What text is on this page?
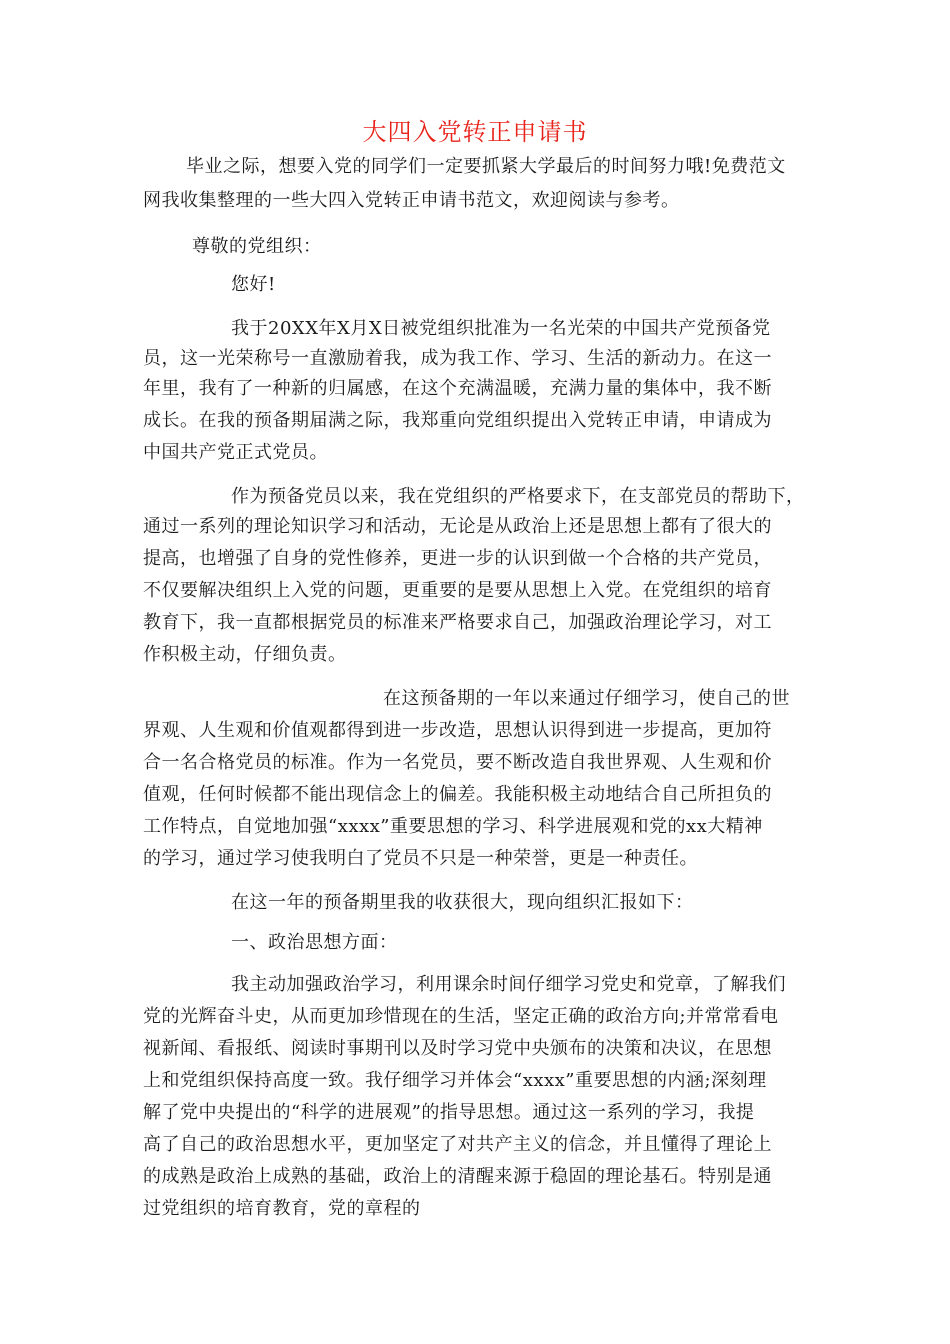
大四入党转正申请书
毕业之际，想要入党的同学们一定要抓紧大学最后的时间努力哦!免费范文
网我收集整理的一些大四入党转正申请书范文，欢迎阅读与参考。
尊敬的党组织：
您好!
我于20XX年X月X日被党组织批准为一名光荣的中国共产党预备党
员，这一光荣称号一直激励着我，成为我工作、学习、生活的新动力。在这一
年里，我有了一种新的归属感，在这个充满温暖，充满力量的集体中，我不断
成长。在我的预备期届满之际，我郑重向党组织提出入党转正申请，申请成为
中国共产党正式党员。
作为预备党员以来，我在党组织的严格要求下，在支部党员的帮助下，
通过一系列的理论知识学习和活动，无论是从政治上还是思想上都有了很大的
提高，也增强了自身的党性修养，更进一步的认识到做一个合格的共产党员，
不仅要解决组织上入党的问题，更重要的是要从思想上入党。在党组织的培育
教育下，我一直都根据党员的标准来严格要求自己，加强政治理论学习，对工
作积极主动，仔细负责。
在这预备期的一年以来通过仔细学习，使自己的世
界观、人生观和价值观都得到进一步改造，思想认识得到进一步提高，更加符
合一名合格党员的标准。作为一名党员，要不断改造自我世界观、人生观和价
值观，任何时候都不能出现信念上的偏差。我能积极主动地结合自己所担负的
工作特点，自觉地加强“xxxx”重要思想的学习、科学进展观和党的xx大精神
的学习，通过学习使我明白了党员不只是一种荣誉，更是一种责任。
在这一年的预备期里我的收获很大，现向组织汇报如下：
一、政治思想方面：
我主动加强政治学习，利用课余时间仔细学习党史和党章，了解我们
党的光辉奋斗史，从而更加珍惜现在的生活，坚定正确的政治方向;并常常看电
视新闻、看报纸、阅读时事期刊以及时学习党中央颁布的决策和决议，在思想
上和党组织保持高度一致。我仔细学习并体会“xxxx”重要思想的内涵;深刻理
解了党中央提出的“科学的进展观”的指导思想。通过这一系列的学习，我提
高了自己的政治思想水平，更加坚定了对共产主义的信念，并且懂得了理论上
的成熟是政治上成熟的基础，政治上的清醒来源于稳固的理论基石。特别是通
过党组织的培育教育，党的章程的
